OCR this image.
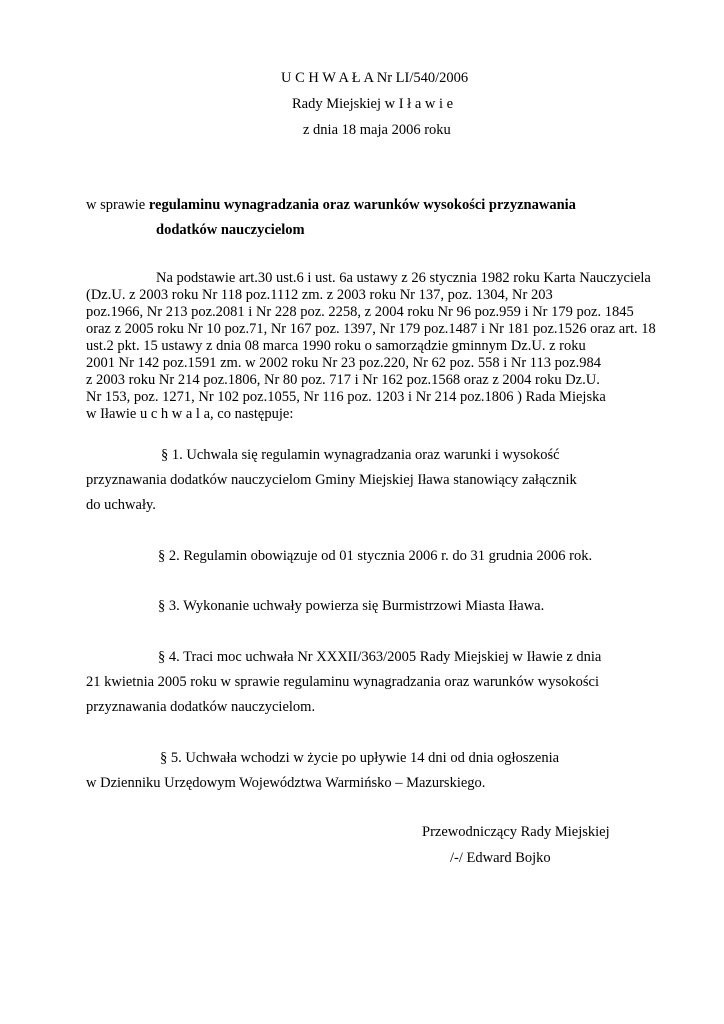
U C H W A Ł A Nr LI/540/2006
Rady Miejskiej w I ł a w i e
z dnia 18 maja 2006 roku
w sprawie regulaminu wynagradzania oraz warunków wysokości przyznawania
dodatków nauczycielom
Na podstawie art.30 ust.6 i ust. 6a ustawy z 26 stycznia 1982 roku Karta Nauczyciela
(Dz.U. z 2003 roku Nr 118 poz.1112 zm. z 2003 roku Nr 137, poz. 1304, Nr 203
poz.1966, Nr 213 poz.2081 i Nr 228 poz. 2258, z 2004 roku Nr 96 poz.959 i Nr 179 poz. 1845
oraz z 2005 roku Nr 10 poz.71, Nr 167 poz. 1397, Nr 179 poz.1487 i Nr 181 poz.1526 oraz art. 18
ust.2 pkt. 15 ustawy z dnia 08 marca 1990 roku o samorządzie gminnym Dz.U. z roku
2001 Nr 142 poz.1591 zm. w 2002 roku Nr 23 poz.220, Nr 62 poz. 558 i Nr 113 poz.984
z 2003 roku Nr 214 poz.1806, Nr 80 poz. 717 i Nr 162 poz.1568 oraz z 2004 roku Dz.U.
Nr 153, poz. 1271, Nr 102 poz.1055, Nr 116 poz. 1203 i Nr 214 poz.1806 ) Rada Miejska
w Iławie u c h w a l a, co następuje:
§ 1. Uchwala się regulamin wynagradzania oraz warunki i wysokość
przyznawania dodatków nauczycielom Gminy Miejskiej Iława stanowiący załącznik
do uchwały.
§ 2. Regulamin obowiązuje od 01 stycznia 2006 r. do 31 grudnia 2006 rok.
§ 3. Wykonanie uchwały powierza się Burmistrzowi Miasta Iława.
§ 4. Traci moc uchwała Nr XXXII/363/2005 Rady Miejskiej w Iławie z dnia
21 kwietnia 2005 roku w sprawie regulaminu wynagradzania oraz warunków wysokości
przyznawania dodatków nauczycielom.
§ 5. Uchwała wchodzi w życie po upływie 14 dni od dnia ogłoszenia
w Dzienniku Urzędowym Województwa Warmińsko – Mazurskiego.
Przewodniczący Rady Miejskiej
/-/ Edward Bojko
